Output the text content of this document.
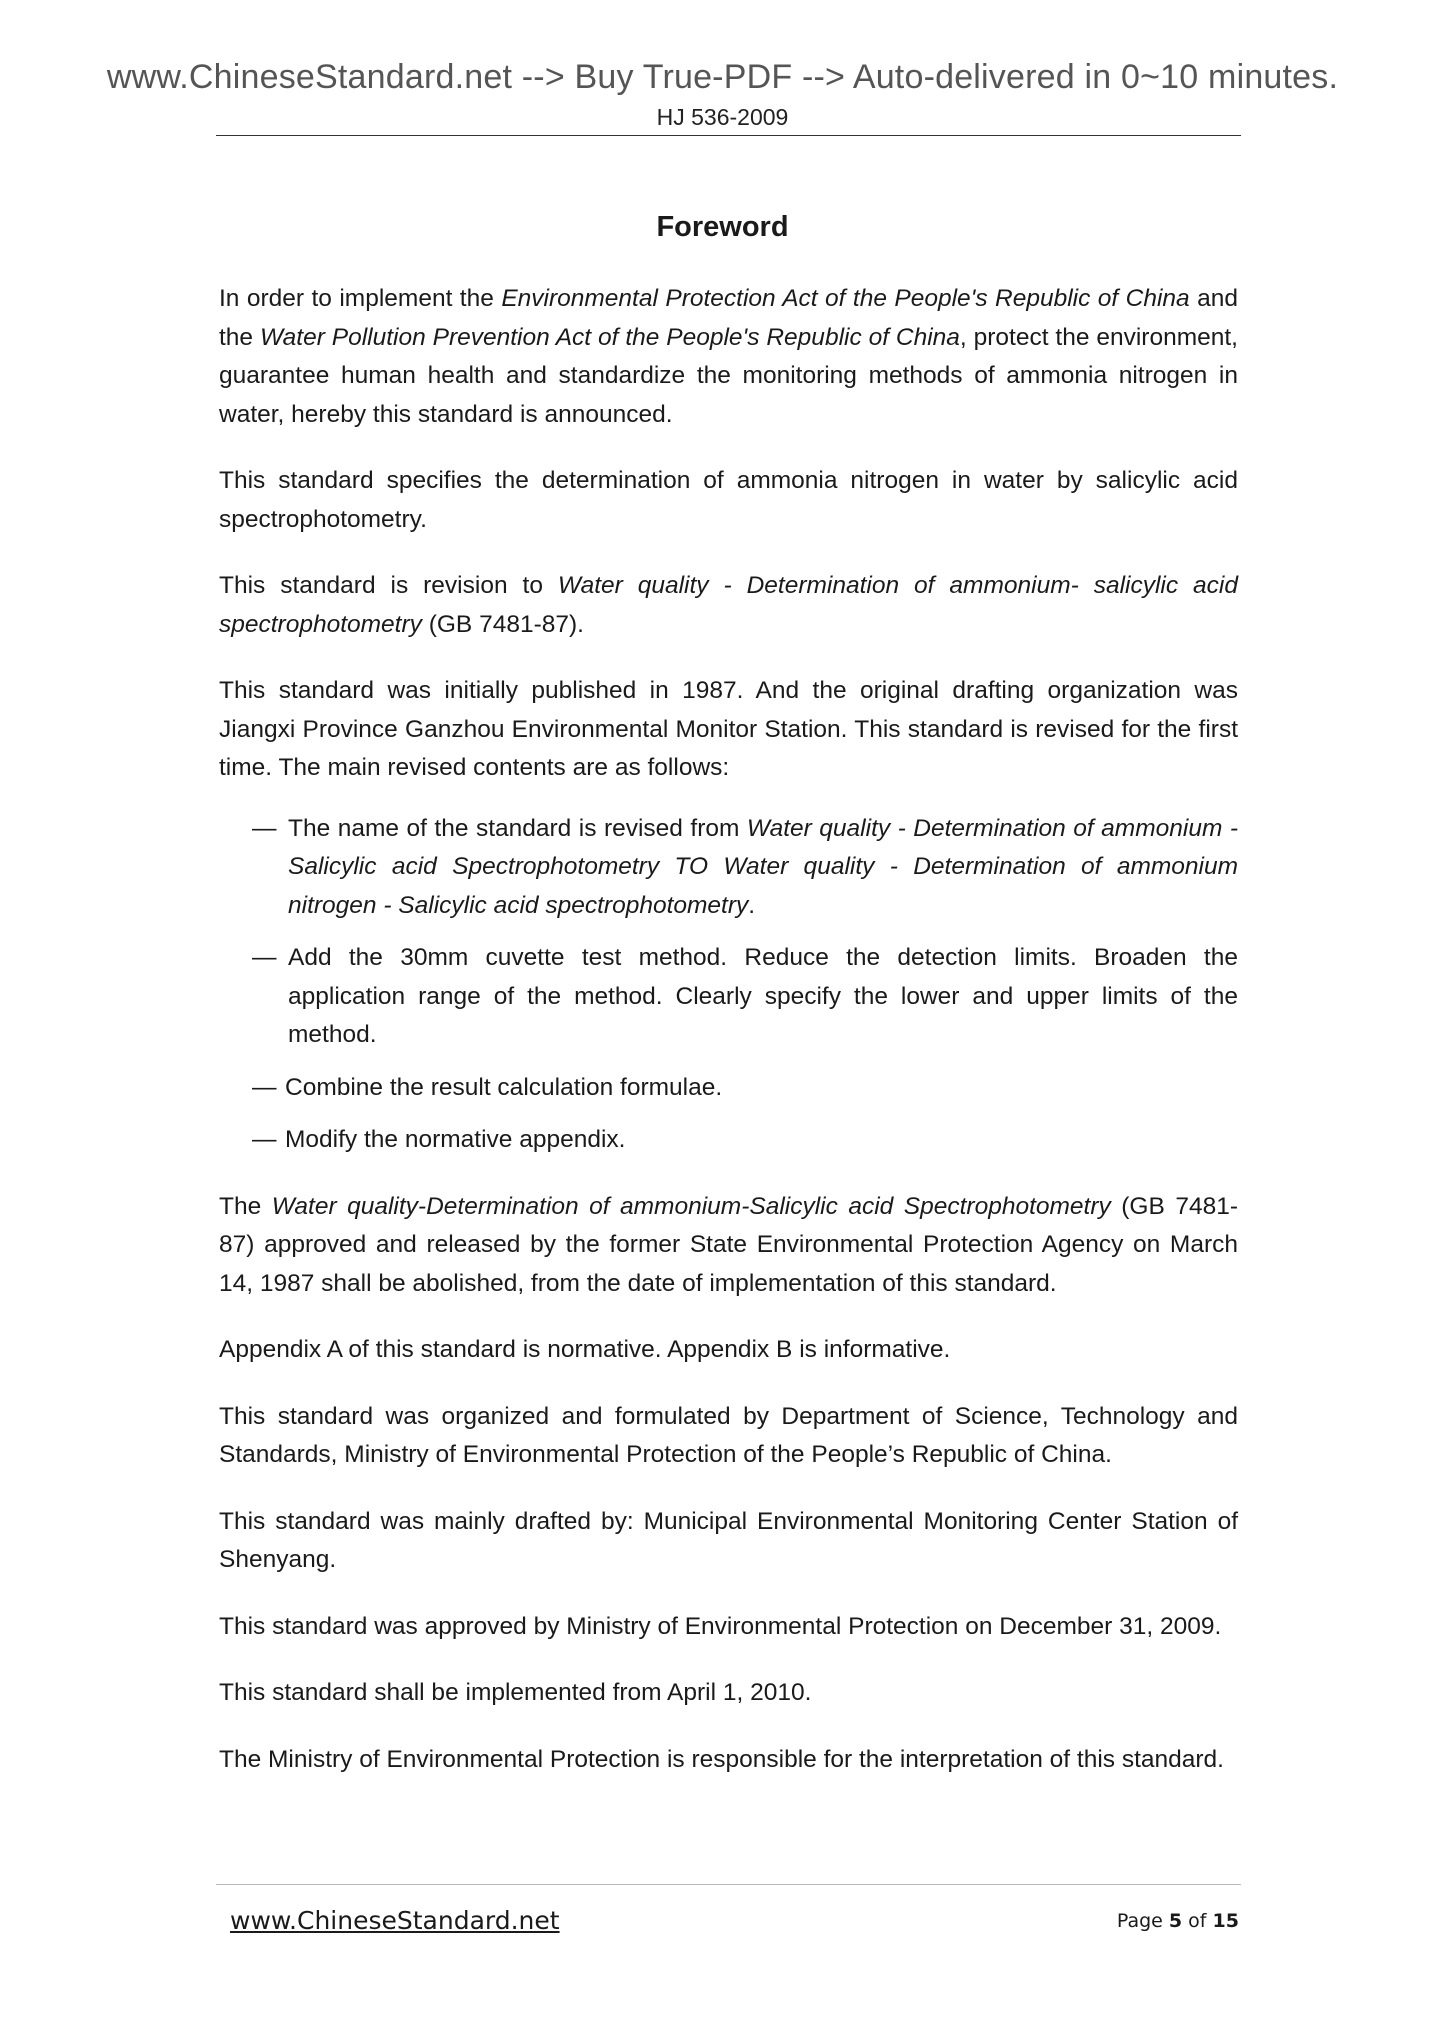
www.ChineseStandard.net --> Buy True-PDF --> Auto-delivered in 0~10 minutes.
HJ 536-2009
Foreword

In order to implement the Environmental Protection Act of the People's Republic of China and the Water Pollution Prevention Act of the People's Republic of China, protect the environment, guarantee human health and standardize the monitoring methods of ammonia nitrogen in water, hereby this standard is announced.

This standard specifies the determination of ammonia nitrogen in water by salicylic acid spectrophotometry.

This standard is revision to Water quality - Determination of ammonium- salicylic acid spectrophotometry (GB 7481-87).

This standard was initially published in 1987. And the original drafting organization was Jiangxi Province Ganzhou Environmental Monitor Station. This standard is revised for the first time. The main revised contents are as follows:

— The name of the standard is revised from Water quality - Determination of ammonium - Salicylic acid Spectrophotometry TO Water quality - Determination of ammonium nitrogen - Salicylic acid spectrophotometry.
— Add the 30mm cuvette test method. Reduce the detection limits. Broaden the application range of the method. Clearly specify the lower and upper limits of the method.
— Combine the result calculation formulae.
— Modify the normative appendix.

The Water quality-Determination of ammonium-Salicylic acid Spectrophotometry (GB 7481-87) approved and released by the former State Environmental Protection Agency on March 14, 1987 shall be abolished, from the date of implementation of this standard.

Appendix A of this standard is normative. Appendix B is informative.

This standard was organized and formulated by Department of Science, Technology and Standards, Ministry of Environmental Protection of the People’s Republic of China.

This standard was mainly drafted by: Municipal Environmental Monitoring Center Station of Shenyang.

This standard was approved by Ministry of Environmental Protection on December 31, 2009.

This standard shall be implemented from April 1, 2010.

The Ministry of Environmental Protection is responsible for the interpretation of this standard.

www.ChineseStandard.net	Page 5 of 15
